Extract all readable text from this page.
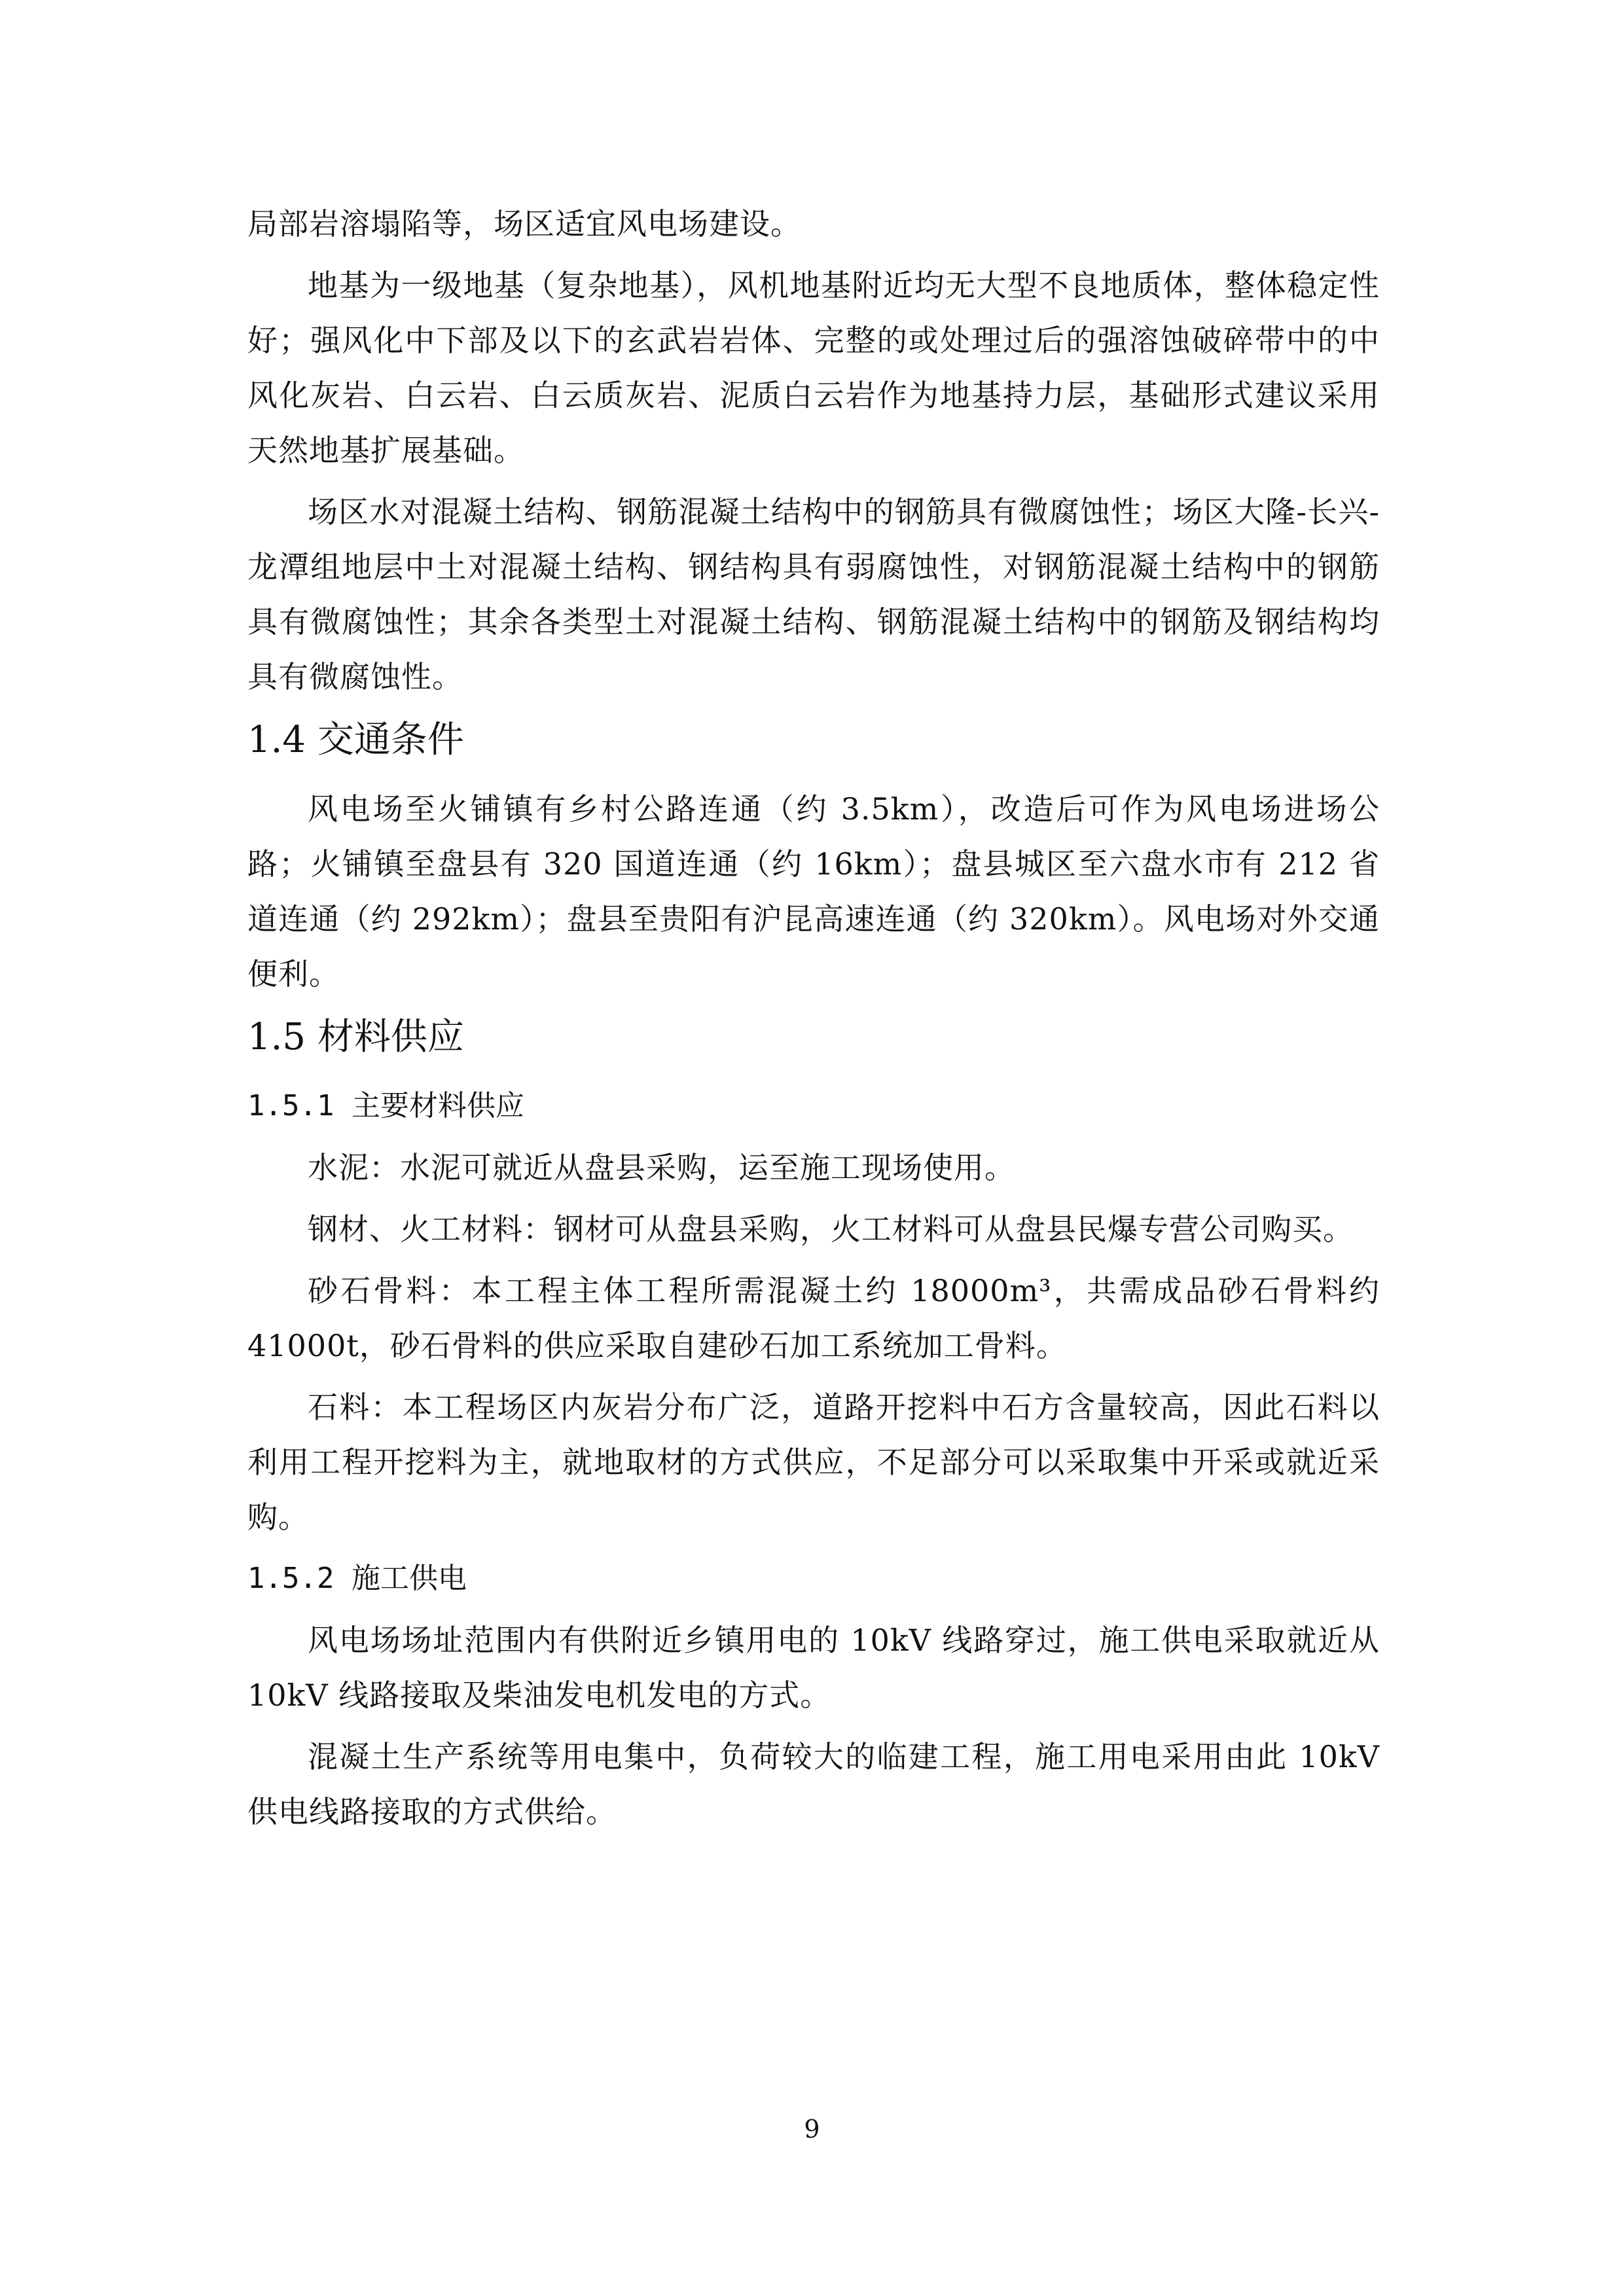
局部岩溶塌陷等，场区适宜风电场建设。

地基为一级地基（复杂地基），风机地基附近均无大型不良地质体，整体稳定性好；强风化中下部及以下的玄武岩岩体、完整的或处理过后的强溶蚀破碎带中的中风化灰岩、白云岩、白云质灰岩、泥质白云岩作为地基持力层，基础形式建议采用天然地基扩展基础。

场区水对混凝土结构、钢筋混凝土结构中的钢筋具有微腐蚀性；场区大隆-长兴-龙潭组地层中土对混凝土结构、钢结构具有弱腐蚀性，对钢筋混凝土结构中的钢筋具有微腐蚀性；其余各类型土对混凝土结构、钢筋混凝土结构中的钢筋及钢结构均具有微腐蚀性。

1.4 交通条件

风电场至火铺镇有乡村公路连通（约 3.5km），改造后可作为风电场进场公路；火铺镇至盘县有 320 国道连通（约 16km）；盘县城区至六盘水市有 212 省道连通（约 292km）；盘县至贵阳有沪昆高速连通（约 320km）。风电场对外交通便利。

1.5 材料供应
1.5.1 主要材料供应

水泥：水泥可就近从盘县采购，运至施工现场使用。

钢材、火工材料：钢材可从盘县采购，火工材料可从盘县民爆专营公司购买。

砂石骨料：本工程主体工程所需混凝土约 18000m³，共需成品砂石骨料约 41000t，砂石骨料的供应采取自建砂石加工系统加工骨料。

石料：本工程场区内灰岩分布广泛，道路开挖料中石方含量较高，因此石料以利用工程开挖料为主，就地取材的方式供应，不足部分可以采取集中开采或就近采购。

1.5.2 施工供电

风电场场址范围内有供附近乡镇用电的 10kV 线路穿过，施工供电采取就近从 10kV 线路接取及柴油发电机发电的方式。

混凝土生产系统等用电集中，负荷较大的临建工程，施工用电采用由此 10kV 供电线路接取的方式供给。

9
